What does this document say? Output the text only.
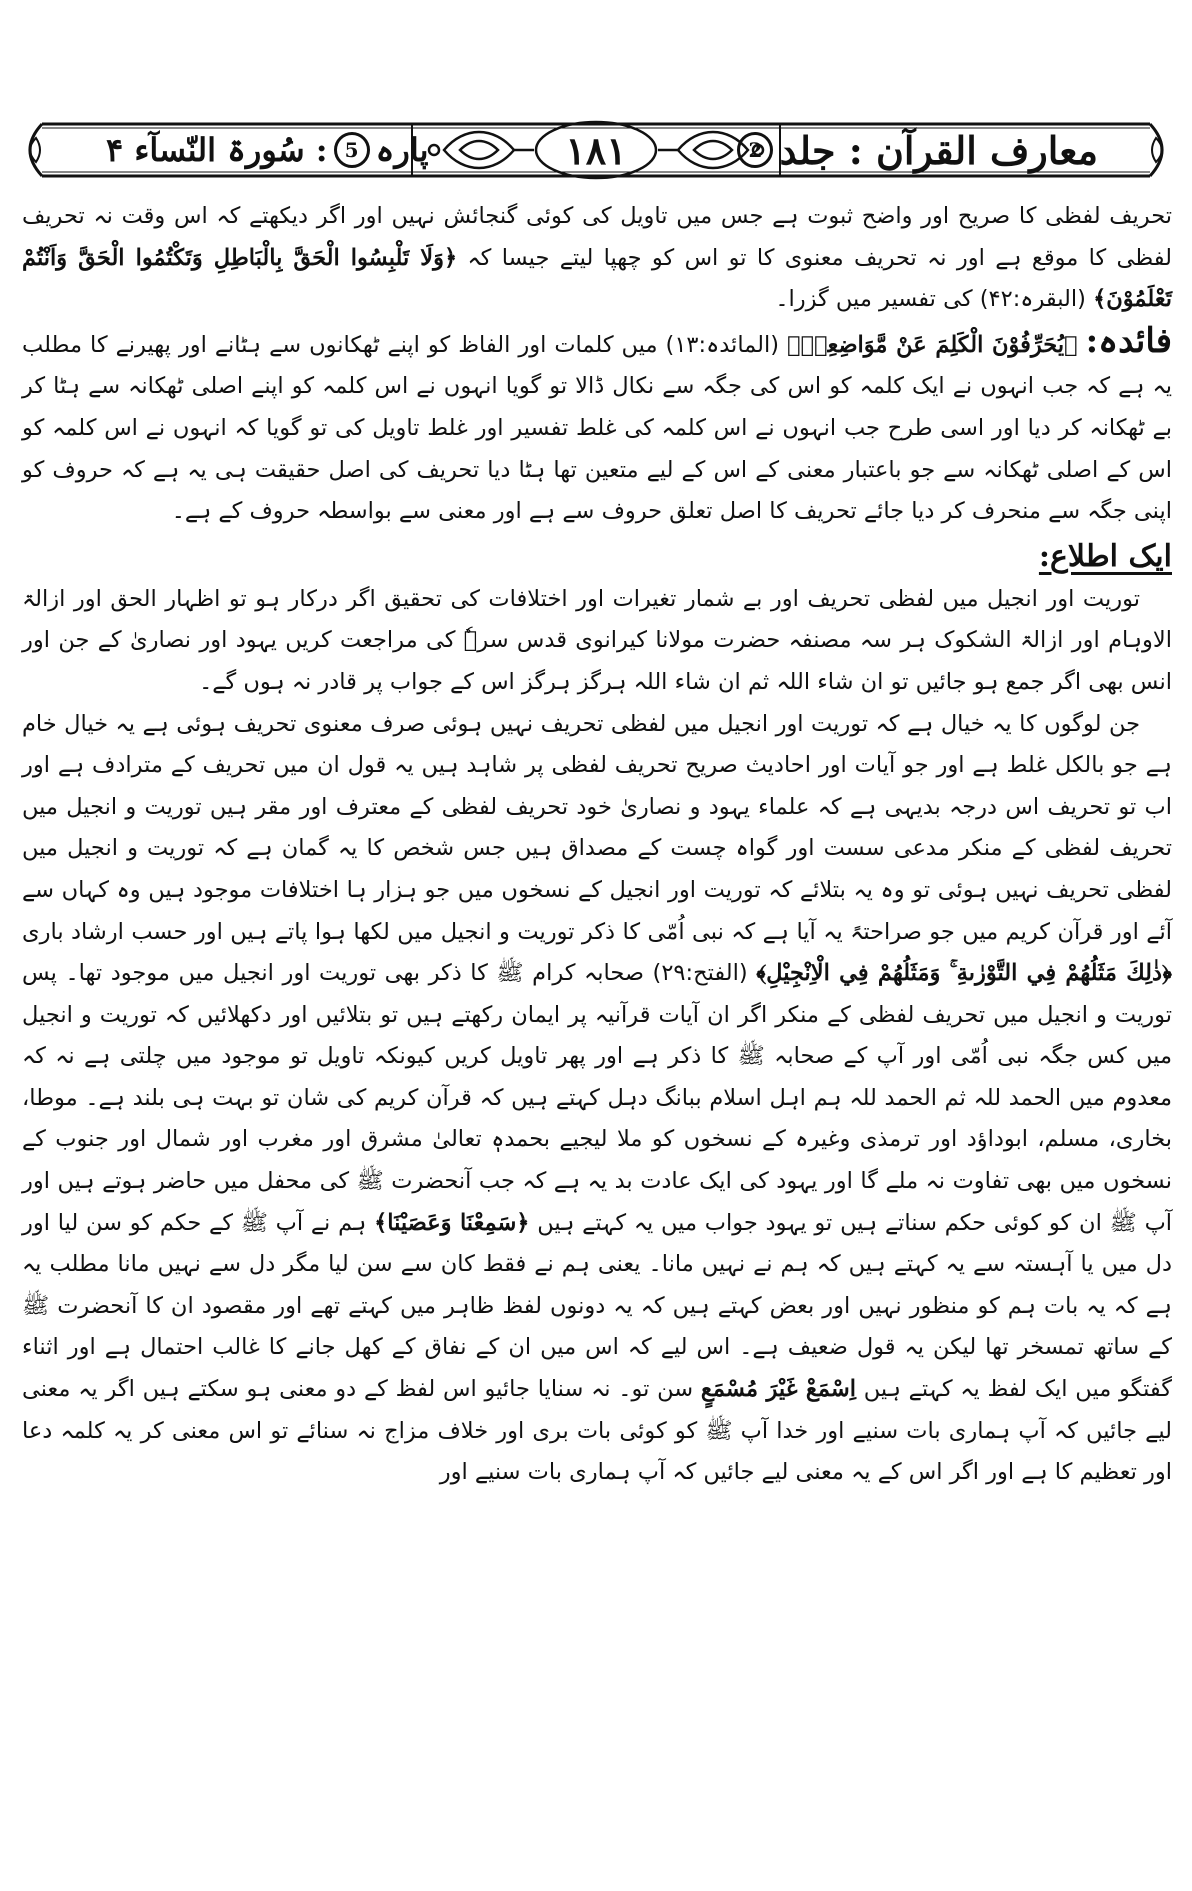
معارف القرآن : جلد
2
١٨١
پارہ
5
: سُورۃ النّسآء ۴

تحریف لفظی کا صریح اور واضح ثبوت ہے جس میں تاویل کی کوئی گنجائش نہیں اور اگر دیکھتے کہ اس وقت نہ تحریف لفظی کا موقع ہے اور نہ تحریف معنوی کا تو اس کو چھپا لیتے جیسا کہ ﴿وَلَا تَلْبِسُوا الْحَقَّ بِالْبَاطِلِ وَتَكْتُمُوا الْحَقَّ وَاَنْتُمْ تَعْلَمُوْنَ﴾ (البقرہ:۴۲) کی تفسیر میں گزرا۔

فائدہ: ﴿يُحَرِّفُوْنَ الْكَلِمَ عَنْ مَّوَاضِعِهٖ﴾ (المائدہ:۱۳) میں کلمات اور الفاظ کو اپنے ٹھکانوں سے ہٹانے اور پھیرنے کا مطلب یہ ہے کہ جب انہوں نے ایک کلمہ کو اس کی جگہ سے نکال ڈالا تو گویا انہوں نے اس کلمہ کو اپنے اصلی ٹھکانہ سے ہٹا کر بے ٹھکانہ کر دیا اور اسی طرح جب انہوں نے اس کلمہ کی غلط تفسیر اور غلط تاویل کی تو گویا کہ انہوں نے اس کلمہ کو اس کے اصلی ٹھکانہ سے جو باعتبار معنی کے اس کے لیے متعین تھا ہٹا دیا تحریف کی اصل حقیقت ہی یہ ہے کہ حروف کو اپنی جگہ سے منحرف کر دیا جائے تحریف کا اصل تعلق حروف سے ہے اور معنی سے بواسطہ حروف کے ہے۔

ایک اطلاع:

توریت اور انجیل میں لفظی تحریف اور بے شمار تغیرات اور اختلافات کی تحقیق اگر درکار ہو تو اظہار الحق اور ازالۃ الاوہام اور ازالۃ الشکوک ہر سہ مصنفہ حضرت مولانا کیرانوی قدس سرہٗ کی مراجعت کریں یہود اور نصاریٰ کے جن اور انس بھی اگر جمع ہو جائیں تو ان شاء اللہ ثم ان شاء اللہ ہرگز ہرگز اس کے جواب پر قادر نہ ہوں گے۔

جن لوگوں کا یہ خیال ہے کہ توریت اور انجیل میں لفظی تحریف نہیں ہوئی صرف معنوی تحریف ہوئی ہے یہ خیال خام ہے جو بالکل غلط ہے اور جو آیات اور احادیث صریح تحریف لفظی پر شاہد ہیں یہ قول ان میں تحریف کے مترادف ہے اور اب تو تحریف اس درجہ بدیہی ہے کہ علماء یہود و نصاریٰ خود تحریف لفظی کے معترف اور مقر ہیں توریت و انجیل میں تحریف لفظی کے منکر مدعی سست اور گواہ چست کے مصداق ہیں جس شخص کا یہ گمان ہے کہ توریت و انجیل میں لفظی تحریف نہیں ہوئی تو وہ یہ بتلائے کہ توریت اور انجیل کے نسخوں میں جو ہزار ہا اختلافات موجود ہیں وہ کہاں سے آئے اور قرآن کریم میں جو صراحتہً یہ آیا ہے کہ نبی اُمّی کا ذکر توریت و انجیل میں لکھا ہوا پاتے ہیں اور حسب ارشاد باری ﴿ذٰلِكَ مَثَلُهُمْ فِي التَّوْرٰىةِ ۚ وَمَثَلُهُمْ فِي الْاِنْجِيْلِ﴾ (الفتح:۲۹) صحابہ کرام ﷺ کا ذکر بھی توریت اور انجیل میں موجود تھا۔ پس توریت و انجیل میں تحریف لفظی کے منکر اگر ان آیات قرآنیہ پر ایمان رکھتے ہیں تو بتلائیں اور دکھلائیں کہ توریت و انجیل میں کس جگہ نبی اُمّی اور آپ کے صحابہ ﷺ کا ذکر ہے اور پھر تاویل کریں کیونکہ تاویل تو موجود میں چلتی ہے نہ کہ معدوم میں الحمد للہ ثم الحمد للہ ہم اہل اسلام ببانگ دہل کہتے ہیں کہ قرآن کریم کی شان تو بہت ہی بلند ہے۔ موطا، بخاری، مسلم، ابوداؤد اور ترمذی وغیرہ کے نسخوں کو ملا لیجیے بحمدہٖ تعالیٰ مشرق اور مغرب اور شمال اور جنوب کے نسخوں میں بھی تفاوت نہ ملے گا اور یہود کی ایک عادت بد یہ ہے کہ جب آنحضرت ﷺ کی محفل میں حاضر ہوتے ہیں اور آپ ﷺ ان کو کوئی حکم سناتے ہیں تو یہود جواب میں یہ کہتے ہیں ﴿سَمِعْنَا وَعَصَيْنَا﴾ ہم نے آپ ﷺ کے حکم کو سن لیا اور دل میں یا آہستہ سے یہ کہتے ہیں کہ ہم نے نہیں مانا۔ یعنی ہم نے فقط کان سے سن لیا مگر دل سے نہیں مانا مطلب یہ ہے کہ یہ بات ہم کو منظور نہیں اور بعض کہتے ہیں کہ یہ دونوں لفظ ظاہر میں کہتے تھے اور مقصود ان کا آنحضرت ﷺ کے ساتھ تمسخر تھا لیکن یہ قول ضعیف ہے۔ اس لیے کہ اس میں ان کے نفاق کے کھل جانے کا غالب احتمال ہے اور اثناء گفتگو میں ایک لفظ یہ کہتے ہیں اِسْمَعْ غَيْرَ مُسْمَعٍ سن تو۔ نہ سنایا جائیو اس لفظ کے دو معنی ہو سکتے ہیں اگر یہ معنی لیے جائیں کہ آپ ہماری بات سنیے اور خدا آپ ﷺ کو کوئی بات بری اور خلاف مزاج نہ سنائے تو اس معنی کر یہ کلمہ دعا اور تعظیم کا ہے اور اگر اس کے یہ معنی لیے جائیں کہ آپ ہماری بات سنیے اور
